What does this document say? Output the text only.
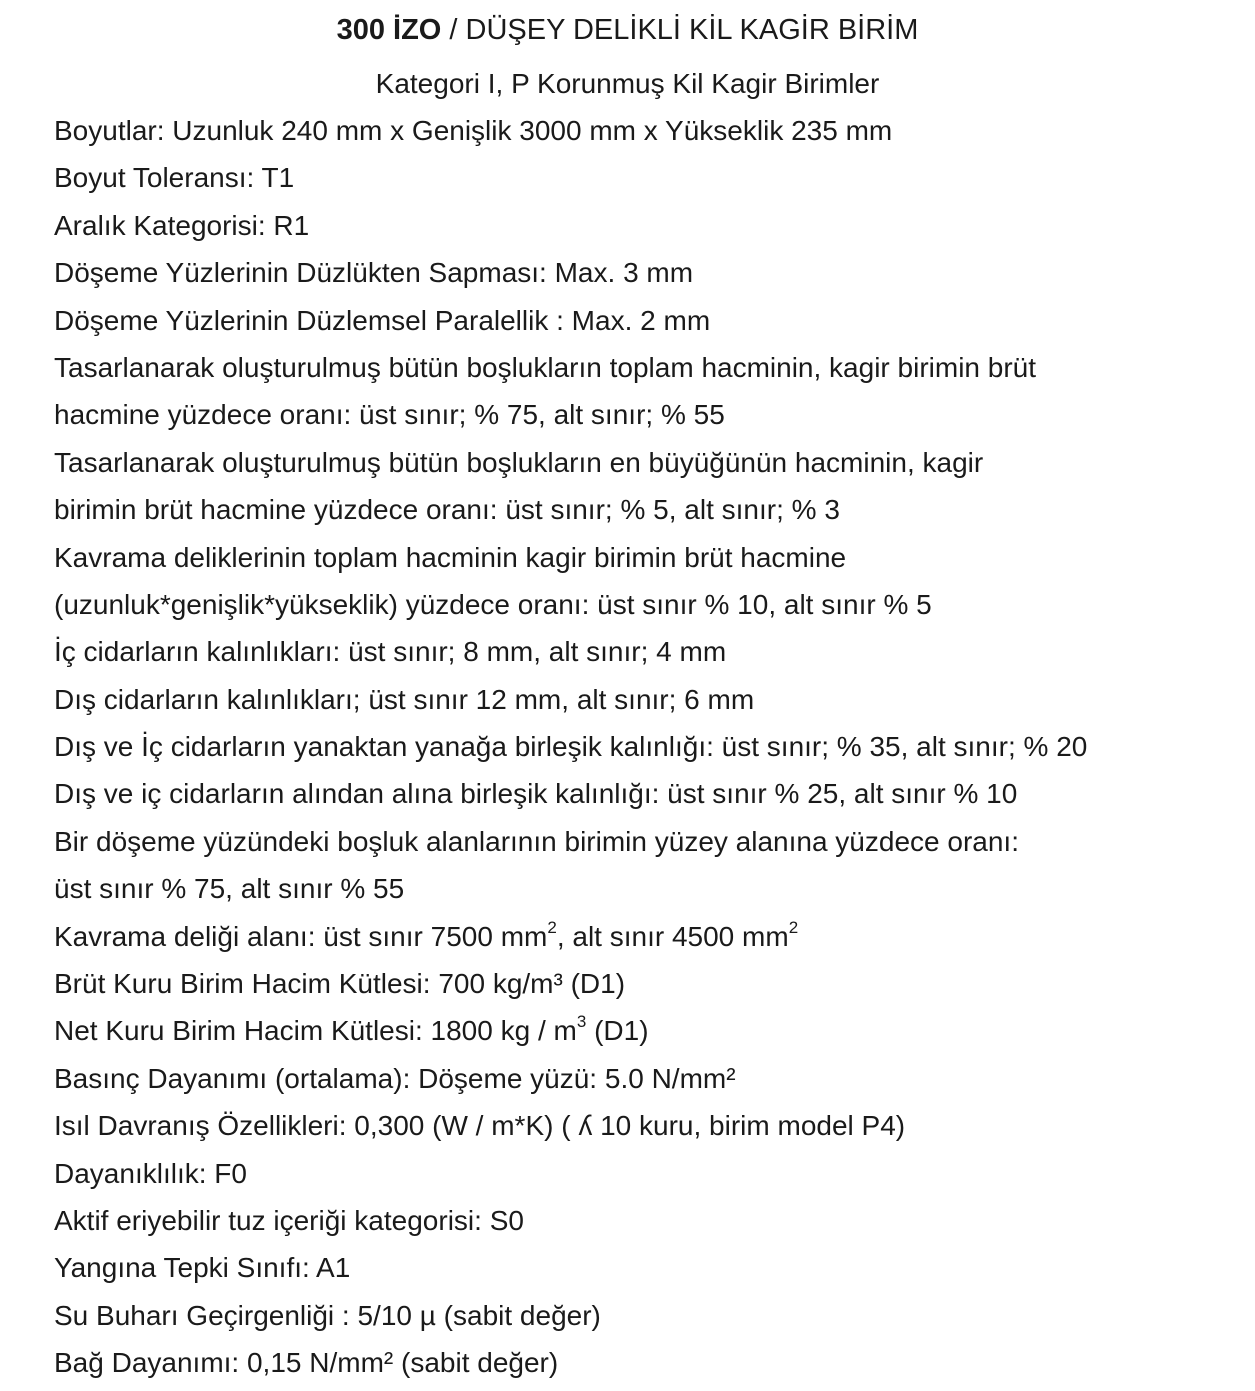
300 İZO / DÜŞEY DELİKLİ KİL KAGİR BİRİM
Kategori I, P Korunmuş Kil Kagir Birimler
Boyutlar: Uzunluk 240 mm x Genişlik 3000 mm x Yükseklik 235 mm
Boyut Toleransı: T1
Aralık Kategorisi: R1
Döşeme Yüzlerinin Düzlükten Sapması: Max. 3 mm
Döşeme Yüzlerinin Düzlemsel Paralellik : Max. 2 mm
Tasarlanarak oluşturulmuş bütün boşlukların toplam hacminin, kagir birimin brüt
hacmine yüzdece oranı: üst sınır; % 75, alt sınır; % 55
Tasarlanarak oluşturulmuş bütün boşlukların en büyüğünün hacminin, kagir
birimin brüt hacmine yüzdece oranı: üst sınır; % 5, alt sınır; % 3
Kavrama deliklerinin toplam hacminin kagir birimin brüt hacmine
(uzunluk*genişlik*yükseklik) yüzdece oranı: üst sınır % 10, alt sınır % 5
İç cidarların kalınlıkları: üst sınır; 8 mm, alt sınır; 4 mm
Dış cidarların kalınlıkları; üst sınır 12 mm, alt sınır; 6 mm
Dış ve İç cidarların yanaktan yanağa birleşik kalınlığı: üst sınır; % 35, alt sınır; % 20
Dış ve iç cidarların alından alına birleşik kalınlığı: üst sınır % 25, alt sınır % 10
Bir döşeme yüzündeki boşluk alanlarının birimin yüzey alanına yüzdece oranı:
üst sınır % 75, alt sınır % 55
Kavrama deliği alanı: üst sınır 7500 $mm^2$, alt sınır 4500 $mm^2$
Brüt Kuru Birim Hacim Kütlesi: 700 kg/m³ (D1)
Net Kuru Birim Hacim Kütlesi: 1800 kg / $m^3$ (D1)
Basınç Dayanımı (ortalama): Döşeme yüzü: 5.0 N/mm²
Isıl Davranış Özellikleri: 0,300 (W / m*K) ( ʎ 10 kuru, birim model P4)
Dayanıklılık: F0
Aktif eriyebilir tuz içeriği kategorisi: S0
Yangına Tepki Sınıfı: A1
Su Buharı Geçirgenliği : 5/10 µ (sabit değer)
Bağ Dayanımı: 0,15 N/mm² (sabit değer)
